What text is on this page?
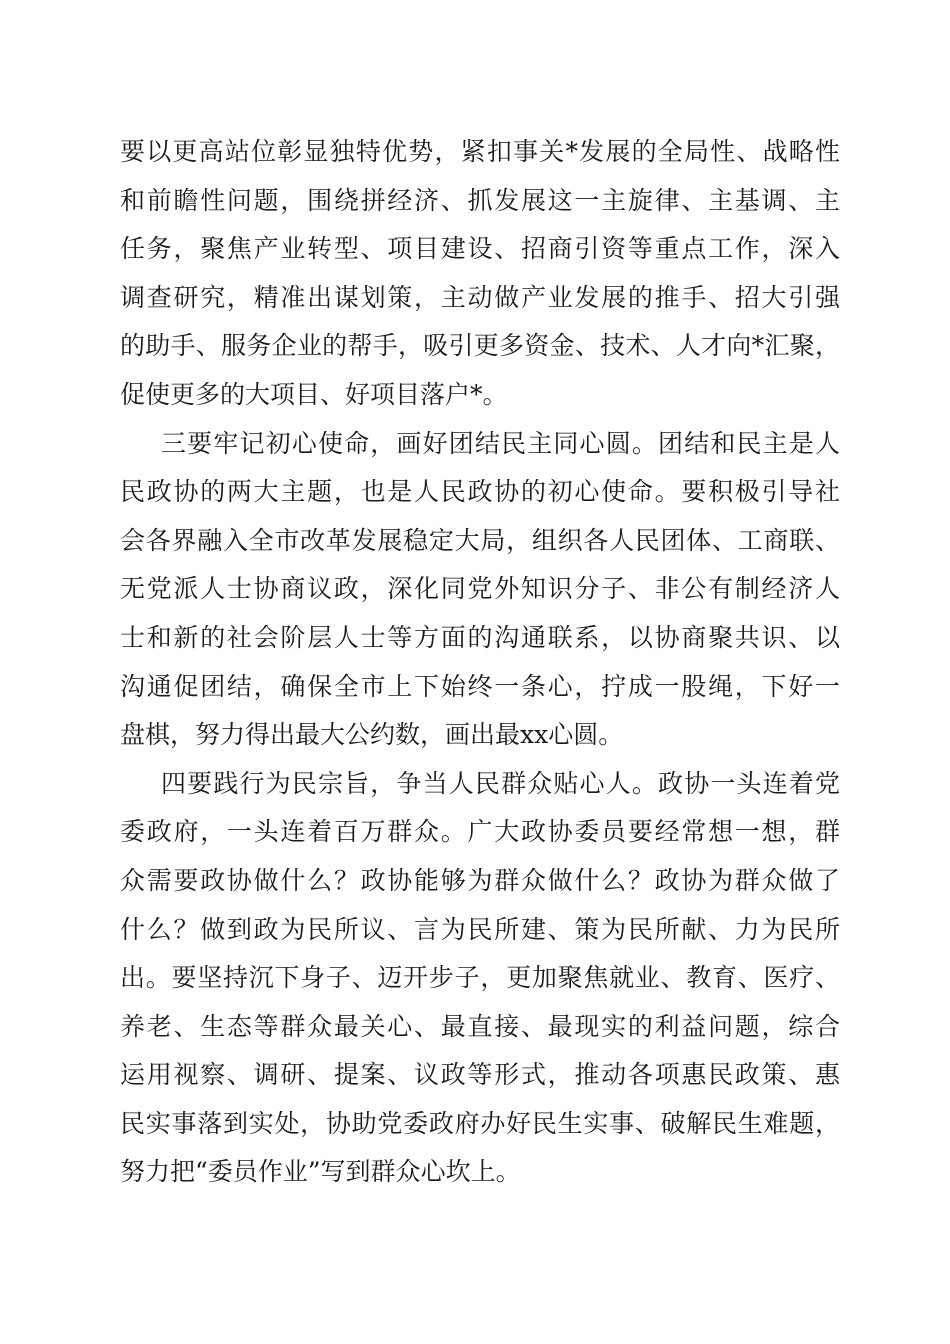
要以更高站位彰显独特优势，紧扣事关*发展的全局性、战略性
和前瞻性问题，围绕拼经济、抓发展这一主旋律、主基调、主
任务，聚焦产业转型、项目建设、招商引资等重点工作，深入
调查研究，精准出谋划策，主动做产业发展的推手、招大引强
的助手、服务企业的帮手，吸引更多资金、技术、人才向*汇聚，
促使更多的大项目、好项目落户*。
三要牢记初心使命，画好团结民主同心圆。团结和民主是人
民政协的两大主题，也是人民政协的初心使命。要积极引导社
会各界融入全市改革发展稳定大局，组织各人民团体、工商联、
无党派人士协商议政，深化同党外知识分子、非公有制经济人
士和新的社会阶层人士等方面的沟通联系，以协商聚共识、以
沟通促团结，确保全市上下始终一条心，拧成一股绳，下好一
盘棋，努力得出最大公约数，画出最xx心圆。
四要践行为民宗旨，争当人民群众贴心人。政协一头连着党
委政府，一头连着百万群众。广大政协委员要经常想一想，群
众需要政协做什么？政协能够为群众做什么？政协为群众做了
什么？做到政为民所议、言为民所建、策为民所献、力为民所
出。要坚持沉下身子、迈开步子，更加聚焦就业、教育、医疗、
养老、生态等群众最关心、最直接、最现实的利益问题，综合
运用视察、调研、提案、议政等形式，推动各项惠民政策、惠
民实事落到实处，协助党委政府办好民生实事、破解民生难题，
努力把“委员作业”写到群众心坎上。
